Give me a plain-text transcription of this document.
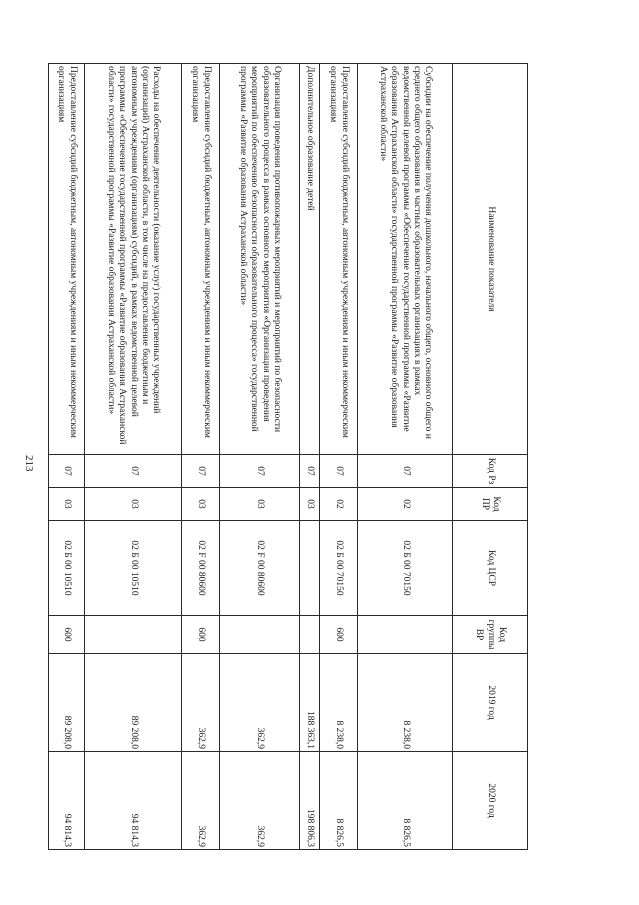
213
Наименование показателя	Код Рз	Код ПР	Код ЦСР	Код группы ВР	2019 год	2020 год
Субсидии на обеспечение получения дошкольного, начального общего, основного общего и среднего общего образования в частных образовательных организациях в рамках ведомственной целевой программы «Обеспечение государственной программы «Развитие образования Астраханской области» государственной программы «Развитие образования Астраханской области»	07	02	02 Б 00 70150		8 238,0	8 826,5
Предоставление субсидий бюджетным, автономным учреждениям и иным некоммерческим организациям	07	02	02 Б 00 70150	600	8 238,0	8 826,5
Дополнительное образование детей	07	03			188 363,1	198 806,3
Организация проведения противопожарных мероприятий и мероприятий по безопасности образовательного процесса в рамках основного мероприятия «Организация проведения мероприятий по обеспечению безопасности образовательного процесса» государственной программы «Развитие образования Астраханской области»	07	03	02 F 00 80600		362,9	362,9
Предоставление субсидий бюджетным, автономным учреждениям и иным некоммерческим организациям	07	03	02 F 00 80600	600	362,9	362,9
Расходы на обеспечение деятельности (оказание услуг) государственных учреждений (организаций) Астраханской области, в том числе на предоставление бюджетным и автономным учреждениям (организациям) субсидий, в рамках ведомственной целевой программы «Обеспечение государственной программы «Развитие образования Астраханской области» государственной программы «Развитие образования Астраханской области»	07	03	02 Б 00 10510		89 208,0	94 814,3
Предоставление субсидий бюджетным, автономным учреждениям и иным некоммерческим организациям	07	03	02 Б 00 10510	600	89 208,0	94 814,3
